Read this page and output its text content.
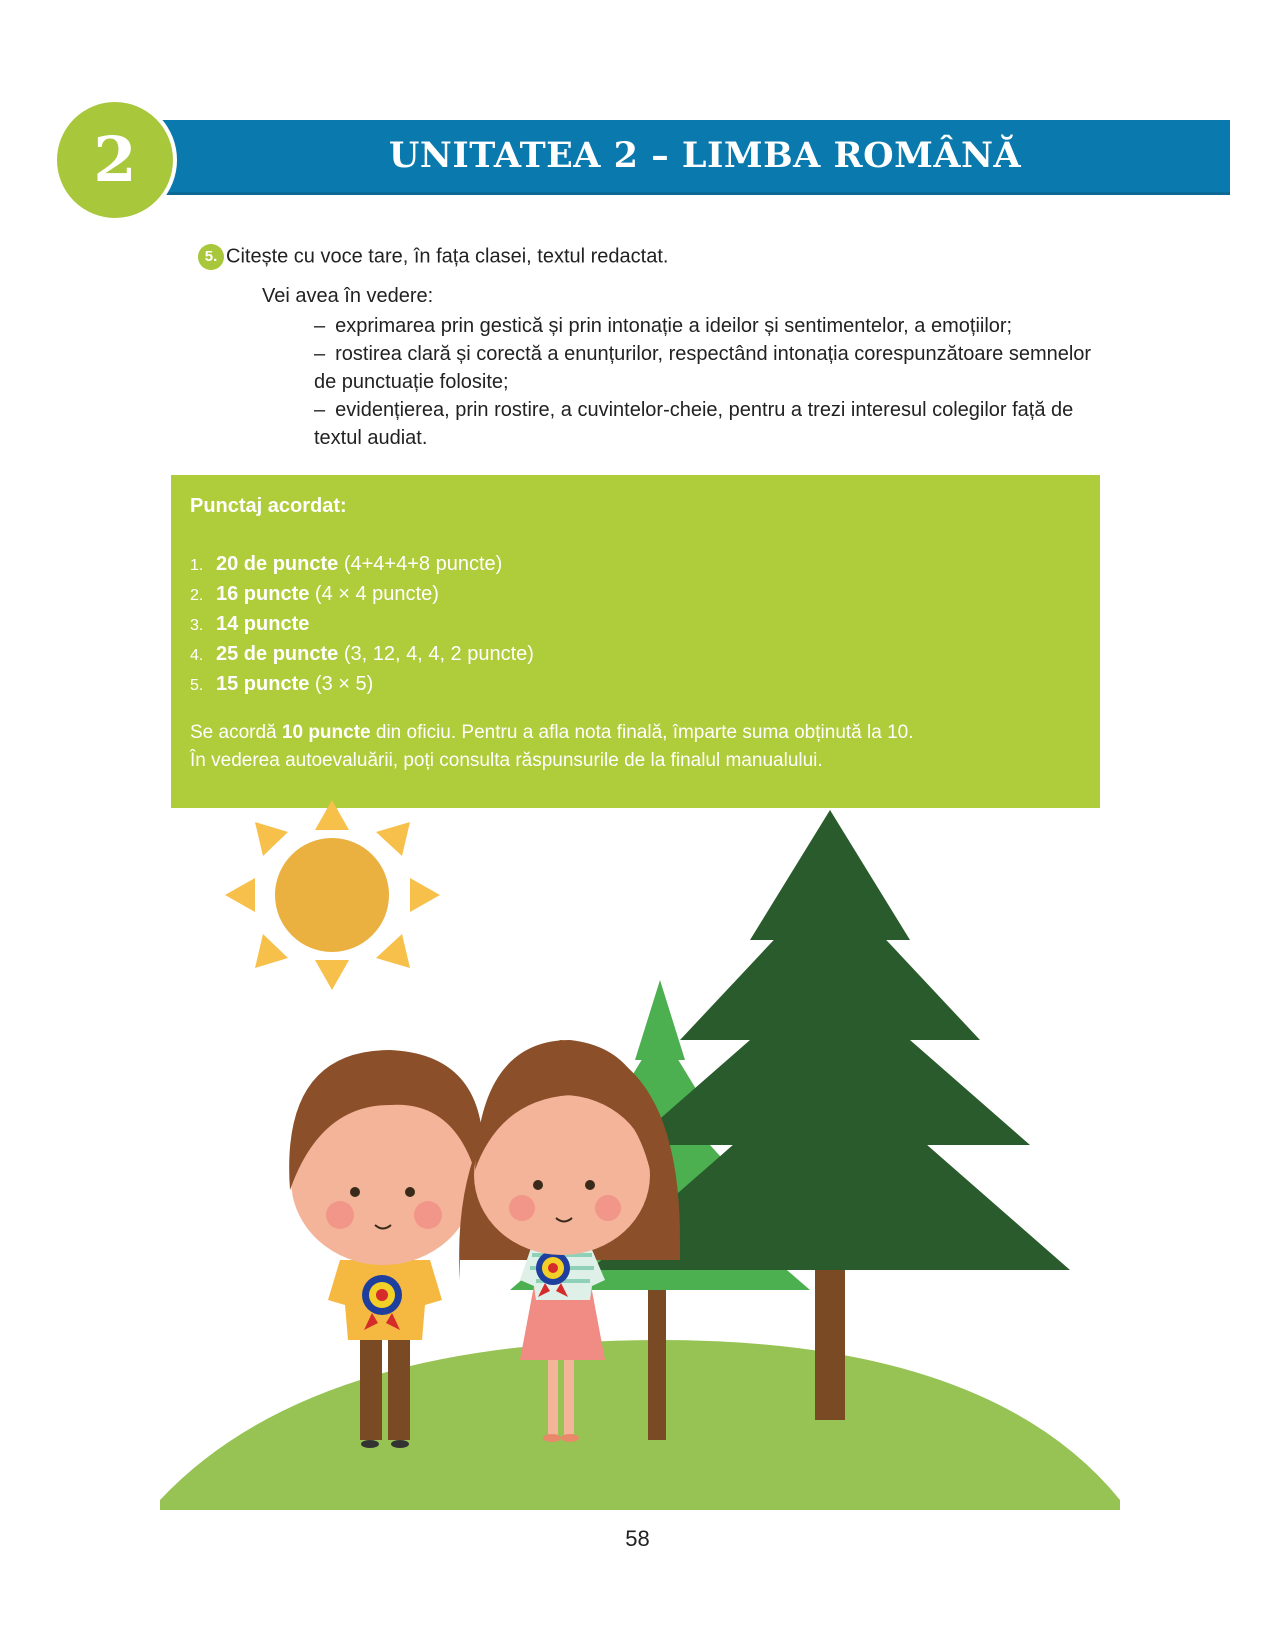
UNITATEA 2 – LIMBA ROMÂNĂ
2
5. Citește cu voce tare, în fața clasei, textul redactat.
Vei avea în vedere:
– exprimarea prin gestică și prin intonație a ideilor și sentimentelor, a emoțiilor;
– rostirea clară și corectă a enunțurilor, respectând intonația corespunzătoare semnelor de punctuație folosite;
– evidențierea, prin rostire, a cuvintelor-cheie, pentru a trezi interesul colegilor față de textul audiat.
Punctaj acordat:
1. 20 de puncte (4+4+4+8 puncte)
2. 16 puncte (4 × 4 puncte)
3. 14 puncte
4. 25 de puncte (3, 12, 4, 4, 2 puncte)
5. 15 puncte (3 × 5)
Se acordă 10 puncte din oficiu. Pentru a afla nota finală, împarte suma obținută la 10.
În vederea autoevaluării, poți consulta răspunsurile de la finalul manualului.
58
